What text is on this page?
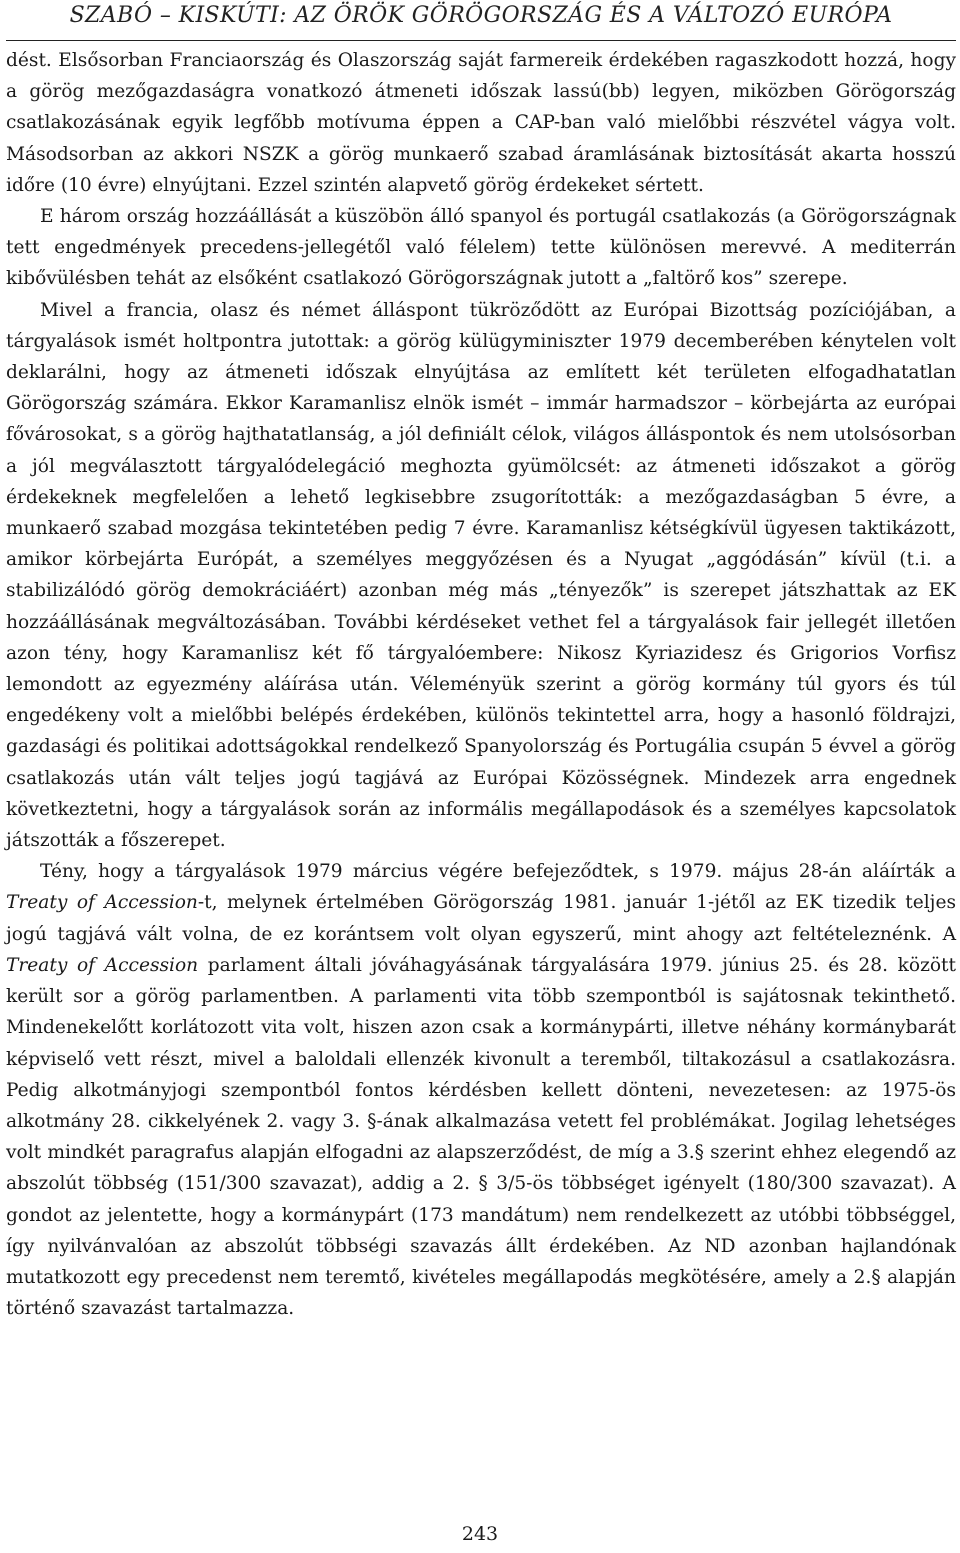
SZABÓ – KISKÚTI: AZ ÖRÖK GÖRÖGORSZÁG ÉS A VÁLTOZÓ EURÓPA

dést. Elsősorban Franciaország és Olaszország saját farmereik érdekében ragaszkodott hozzá, hogy a görög mezőgazdaságra vonatkozó átmeneti időszak lassú(bb) legyen, miközben Görögország csatlakozásának egyik legfőbb motívuma éppen a CAP-ban való mielőbbi részvétel vágya volt. Másodsorban az akkori NSZK a görög munkaerő szabad áramlásának biztosítását akarta hosszú időre (10 évre) elnyújtani. Ezzel szintén alapvető görög érdekeket sértett.

E három ország hozzáállását a küszöbön álló spanyol és portugál csatlakozás (a Görögországnak tett engedmények precedens-jellegétől való félelem) tette különösen merevvé. A mediterrán kibővülésben tehát az elsőként csatlakozó Görögországnak jutott a „faltörő kos” szerepe.

Mivel a francia, olasz és német álláspont tükröződött az Európai Bizottság pozíciójában, a tárgyalások ismét holtpontra jutottak: a görög külügyminiszter 1979 decemberében kénytelen volt deklarálni, hogy az átmeneti időszak elnyújtása az említett két területen elfogadhatatlan Görögország számára. Ekkor Karamanlisz elnök ismét – immár harmadszor – körbejárta az európai fővárosokat, s a görög hajthatatlanság, a jól definiált célok, világos álláspontok és nem utolsósorban a jól megválasztott tárgyalódelegáció meghozta gyümölcsét: az átmeneti időszakot a görög érdekeknek megfelelően a lehető legkisebbre zsugorították: a mezőgazdaságban 5 évre, a munkaerő szabad mozgása tekintetében pedig 7 évre. Karamanlisz kétségkívül ügyesen taktikázott, amikor körbejárta Európát, a személyes meggyőzésen és a Nyugat „aggódásán” kívül (t.i. a stabilizálódó görög demokráciáért) azonban még más „tényezők” is szerepet játszhattak az EK hozzáállásának megváltozásában. További kérdéseket vethet fel a tárgyalások fair jellegét illetően azon tény, hogy Karamanlisz két fő tárgyalóembere: Nikosz Kyriazidesz és Grigorios Vorfisz lemondott az egyezmény aláírása után. Véleményük szerint a görög kormány túl gyors és túl engedékeny volt a mielőbbi belépés érdekében, különös tekintettel arra, hogy a hasonló földrajzi, gazdasági és politikai adottságokkal rendelkező Spanyolország és Portugália csupán 5 évvel a görög csatlakozás után vált teljes jogú tagjává az Európai Közösségnek. Mindezek arra engednek következtetni, hogy a tárgyalások során az informális megállapodások és a személyes kapcsolatok játszották a főszerepet.

Tény, hogy a tárgyalások 1979 március végére befejeződtek, s 1979. május 28-án aláírták a Treaty of Accession-t, melynek értelmében Görögország 1981. január 1-jétől az EK tizedik teljes jogú tagjává vált volna, de ez korántsem volt olyan egyszerű, mint ahogy azt feltételeznénk. A Treaty of Accession parlament általi jóváhagyásának tárgyalására 1979. június 25. és 28. között került sor a görög parlamentben. A parlamenti vita több szempontból is sajátosnak tekinthető. Mindenekelőtt korlátozott vita volt, hiszen azon csak a kormánypárti, illetve néhány kormánybarát képviselő vett részt, mivel a baloldali ellenzék kivonult a teremből, tiltakozásul a csatlakozásra. Pedig alkotmányjogi szempontból fontos kérdésben kellett dönteni, nevezetesen: az 1975-ös alkotmány 28. cikkelyének 2. vagy 3. §-ának alkalmazása vetett fel problémákat. Jogilag lehetséges volt mindkét paragrafus alapján elfogadni az alapszerződést, de míg a 3.§ szerint ehhez elegendő az abszolút többség (151/300 szavazat), addig a 2. § 3/5-ös többséget igényelt (180/300 szavazat). A gondot az jelentette, hogy a kormánypárt (173 mandátum) nem rendelkezett az utóbbi többséggel, így nyilvánvalóan az abszolút többségi szavazás állt érdekében. Az ND azonban hajlandónak mutatkozott egy precedenst nem teremtő, kivételes megállapodás megkötésére, amely a 2.§ alapján történő szavazást tartalmazza.

243
